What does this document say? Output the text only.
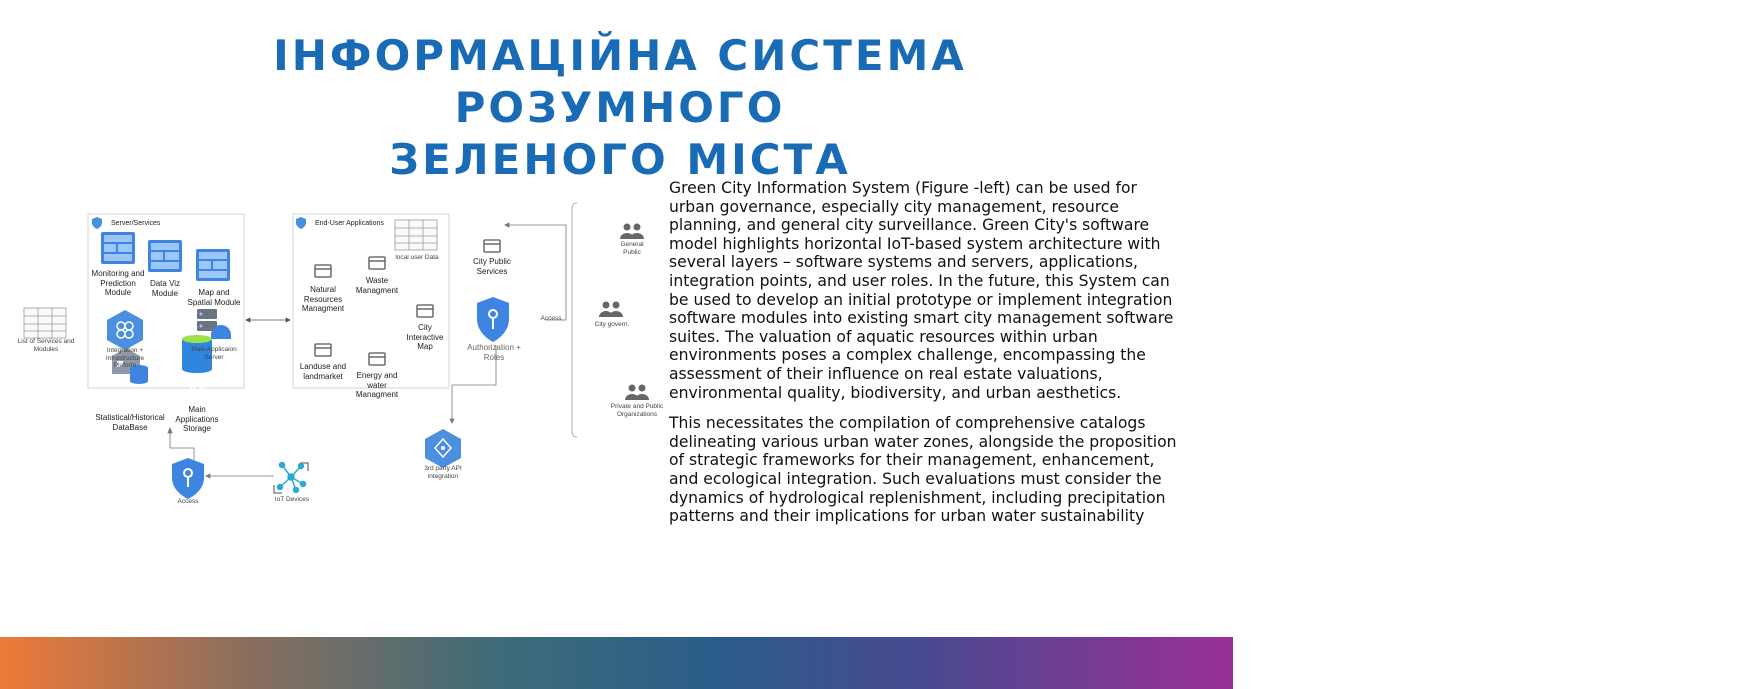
ІНФОРМАЦІЙНА СИСТЕМА РОЗУМНОГО
ЗЕЛЕНОГО МІСТА
List of Services and Modules
Server/Services
Monitoring and Prediction Module
Data Viz Module	Map and Spatial Module
Integration + Infrastructure Plaform
Main Applicaion Server
Statistical/Historical DataBase
Main Applications Storage
SQL
End-User Applications
local user Data
Natural Resources Managment
Waste Managment
City Interactive Map
Landuse and landmarket	Energy and water Managment
City Public Services
Authorization + Roles
Access
General Public
City govern.
Private and Public Organizations
3rd party API integration
Access	IoT Devices

Green City Information System (Figure -left) can be used for urban governance, especially city management, resource planning, and general city surveillance. Green City's software model highlights horizontal IoT-based system architecture with several layers – software systems and servers, applications, integration points, and user roles. In the future, this System can be used to develop an initial prototype or implement integration software modules into existing smart city management software suites. The valuation of aquatic resources within urban environments poses a complex challenge, encompassing the assessment of their influence on real estate valuations, environmental quality, biodiversity, and urban aesthetics.

This necessitates the compilation of comprehensive catalogs delineating various urban water zones, alongside the proposition of strategic frameworks for their management, enhancement, and ecological integration. Such evaluations must consider the dynamics of hydrological replenishment, including precipitation patterns and their implications for urban water sustainability
